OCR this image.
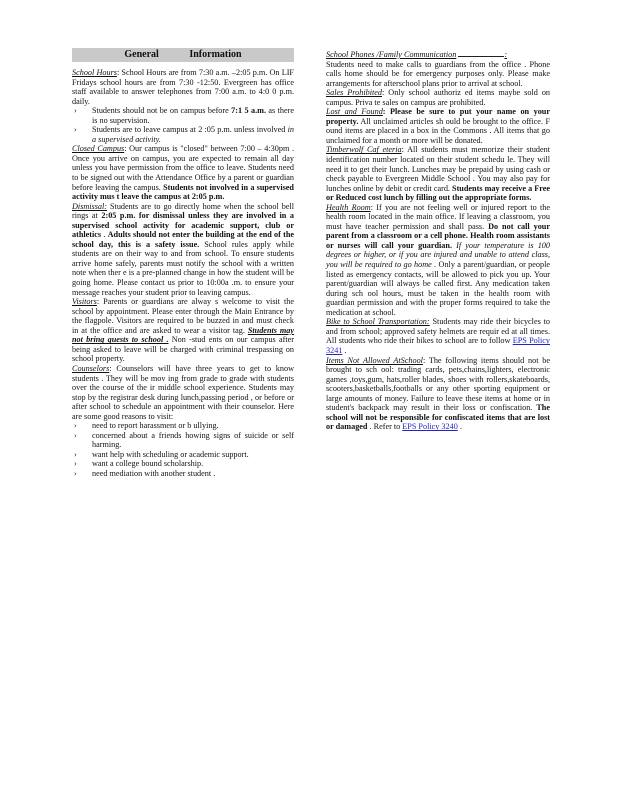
General	Information
School Hours: School Hours are from 7:30 a.m. –2:05 p.m. On LIF Fridays school hours are from 7:30 -12:50. Evergreen has office staff available to answer telephones from 7:00 a.m. to 4:0 0 p.m. daily.
› Students should not be on campus before 7:1 5 a.m. as there is no supervision.
› Students are to leave campus at 2 :05 p.m. unless involved in a supervised activity.
Closed Campus: Our campus is "closed" between 7:00 – 4:30pm . Once you arrive on campus, you are expected to remain all day unless you have permission from the office to leave. Students need to be signed out with the Attendance Office by a parent or guardian before leaving the campus. Students not involved in a supervised activity mus t leave the campus at 2:05 p.m.
Dismissal: Students are to go directly home when the school bell rings at 2:05 p.m. for dismissal unless they are involved in a supervised school activity for academic support, club or athletics . Adults should not enter the building at the end of the school day, this is a safety issue. School rules apply while students are on their way to and from school. To ensure students arrive home safely, parents must notify the school with a written note when ther e is a pre-planned change in how the student will be going home. Please contact us prior to 10:00a .m. to ensure your message reaches your student prior to leaving campus.
Visitors: Parents or guardians are alway s welcome to visit the school by appointment. Please enter through the Main Entrance by the flagpole. Visitors are required to be buzzed in and must check in at the office and are asked to wear a visitor tag. Students may not bring guests to school . Non -stud ents on our campus after being asked to leave will be charged with criminal trespassing on school property.
Counselors: Counselors will have three years to get to know students . They will be mov ing from grade to grade with students over the course of the ir middle school experience. Students may stop by the registrar desk during lunch,passing period , or before or after school to schedule an appointment with their counselor. Here are some good reasons to visit:
› need to report harassment or b ullying.
› concerned about a friends howing signs of suicide or self harming.
› want help with scheduling or academic support.
› want a college bound scholarship.
› need mediation with another student .
School Phones /Family Communication	:
Students need to make calls to guardians from the office . Phone calls home should be for emergency purposes only. Please make arrangements for afterschool plans prior to arrival at school.
Sales Prohibited: Only school authoriz ed items maybe sold on campus. Priva te sales on campus are prohibited.
Lost and Found: Please be sure to put your name on your property. All unclaimed articles sh ould be brought to the office. F ound items are placed in a box in the Commons . All items that go unclaimed for a month or more will be donated.
Timberwolf Caf eteria: All students must memorize their student identification number located on their student schedu le. They will need it to get their lunch. Lunches may be prepaid by using cash or check payable to Evergreen Middle School . You may also pay for lunches online by debit or credit card. Students may receive a Free or Reduced cost lunch by filling out the appropriate forms.
Health Room: If you are not feeling well or injured report to the health room located in the main office. If leaving a classroom, you must have teacher permission and shall pass. Do not call your parent from a classroom or a cell phone. Health room assistants or nurses will call your guardian. If your temperature is 100 degrees or higher, or if you are injured and unable to attend class, you will be required to go home . Only a parent/guardian, or people listed as emergency contacts, will be allowed to pick you up. Your parent/guardian will always be called first. Any medication taken during sch ool hours, must be taken in the health room with guardian permission and with the proper forms required to take the medication at school.
Bike to School Transportation: Students may ride their bicycles to and from school; approved safety helmets are requir ed at all times. All students who ride their bikes to school are to follow EPS Policy 3241 .
Items Not Allowed AtSchool: The following items should not be brought to sch ool: trading cards, pets,chains,lighters, electronic games ,toys,gum, hats,roller blades, shoes with rollers,skateboards, scooters,basketballs,footballs or any other sporting equipment or large amounts of money. Failure to leave these items at home or in student's backpack may result in their loss or confiscation. The school will not be responsible for confiscated items that are lost or damaged . Refer to EPS Policy 3240 .
